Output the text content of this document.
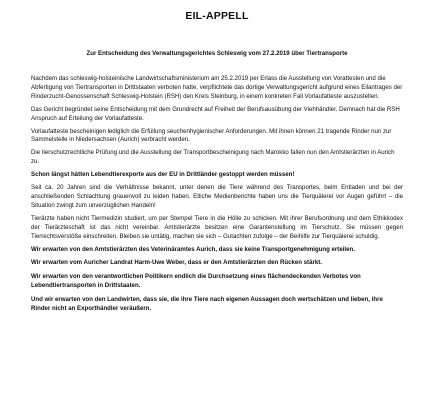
EIL-APPELL
Zur Entscheidung des Verwaltungsgerichtes Schleswig vom 27.2.2019 über Tiertransporte

Nachdem das schleswig-holsteinische Landwirtschaftsministerium am 25.2.2019 per Erlass die Ausstellung von Vorattesten und die Abfertigung von Tiertransporten in Drittstaaten verboten hatte, verpflichtete das dortige Verwaltungsgericht aufgrund eines Eilantrages der Rinderzucht-Genossenschaft Schleswig-Holstein (RSH) den Kreis Steinburg, in einem konkreten Fall Vorlaufatteste auszustellen.

Das Gericht begründet seine Entscheidung mit dem Grundrecht auf Freiheit der Berufsausübung der Viehhändler. Demnach hat die RSH Anspruch auf Erteilung der Vorlaufatteste.

Vorlaufatteste bescheinigen lediglich die Erfüllung seuchenhygienischer Anforderungen. Mit ihnen können 21 tragende Rinder nun zur Sammelstelle in Niedersachsen (Aurich) verbracht werden.

Die tierschutzrechtliche Prüfung und die Ausstellung der Transportbescheinigung nach Marokko fallen nun den Amtstierärzten in Aurich zu.

Schon längst hätten Lebendtierexporte aus der EU in Drittländer gestoppt werden müssen!

Seit ca. 20 Jahren sind die Verhältnisse bekannt, unter denen die Tiere während des Transportes, beim Entladen und bei der anschließenden Schlachtung grauenvoll zu leiden haben. Etliche Medienberichte haben uns die Tierquälerei vor Augen geführt – die Situation zwingt zum unverzüglichen Handeln!

Tierärzte haben nicht Tiermedizin studiert, um per Stempel Tiere in die Hölle zu schicken. Mit ihrer Berufsordnung und dem Ethikkodex der Tierärzteschaft ist das nicht vereinbar. Amtstierärzte besitzen eine Garantenstellung im Tierschutz. Sie müssen gegen Tierrechtsverstöße einschreiten. Bleiben sie untätig, machen sie sich – Gutachten zufolge – der Beihilfe zur Tierquälerei schuldig.

Wir erwarten von den Amtstierärzten des Veterinäramtes Aurich, dass sie keine Transportgenehmigung erteilen.

Wir erwarten vom Auricher Landrat Harm-Uwe Weber, dass er den Amtstierärzten den Rücken stärkt.

Wir erwarten von den verantwortlichen Politikern endlich die Durchsetzung eines flächendeckenden Verbotes von Lebendtiertransporten in Drittstaaten.

Und wir erwarten von den Landwirten, dass sie, die ihre Tiere nach eigenen Aussagen doch wertschätzen und lieben, ihre Rinder nicht an Exporthändler veräußern.
